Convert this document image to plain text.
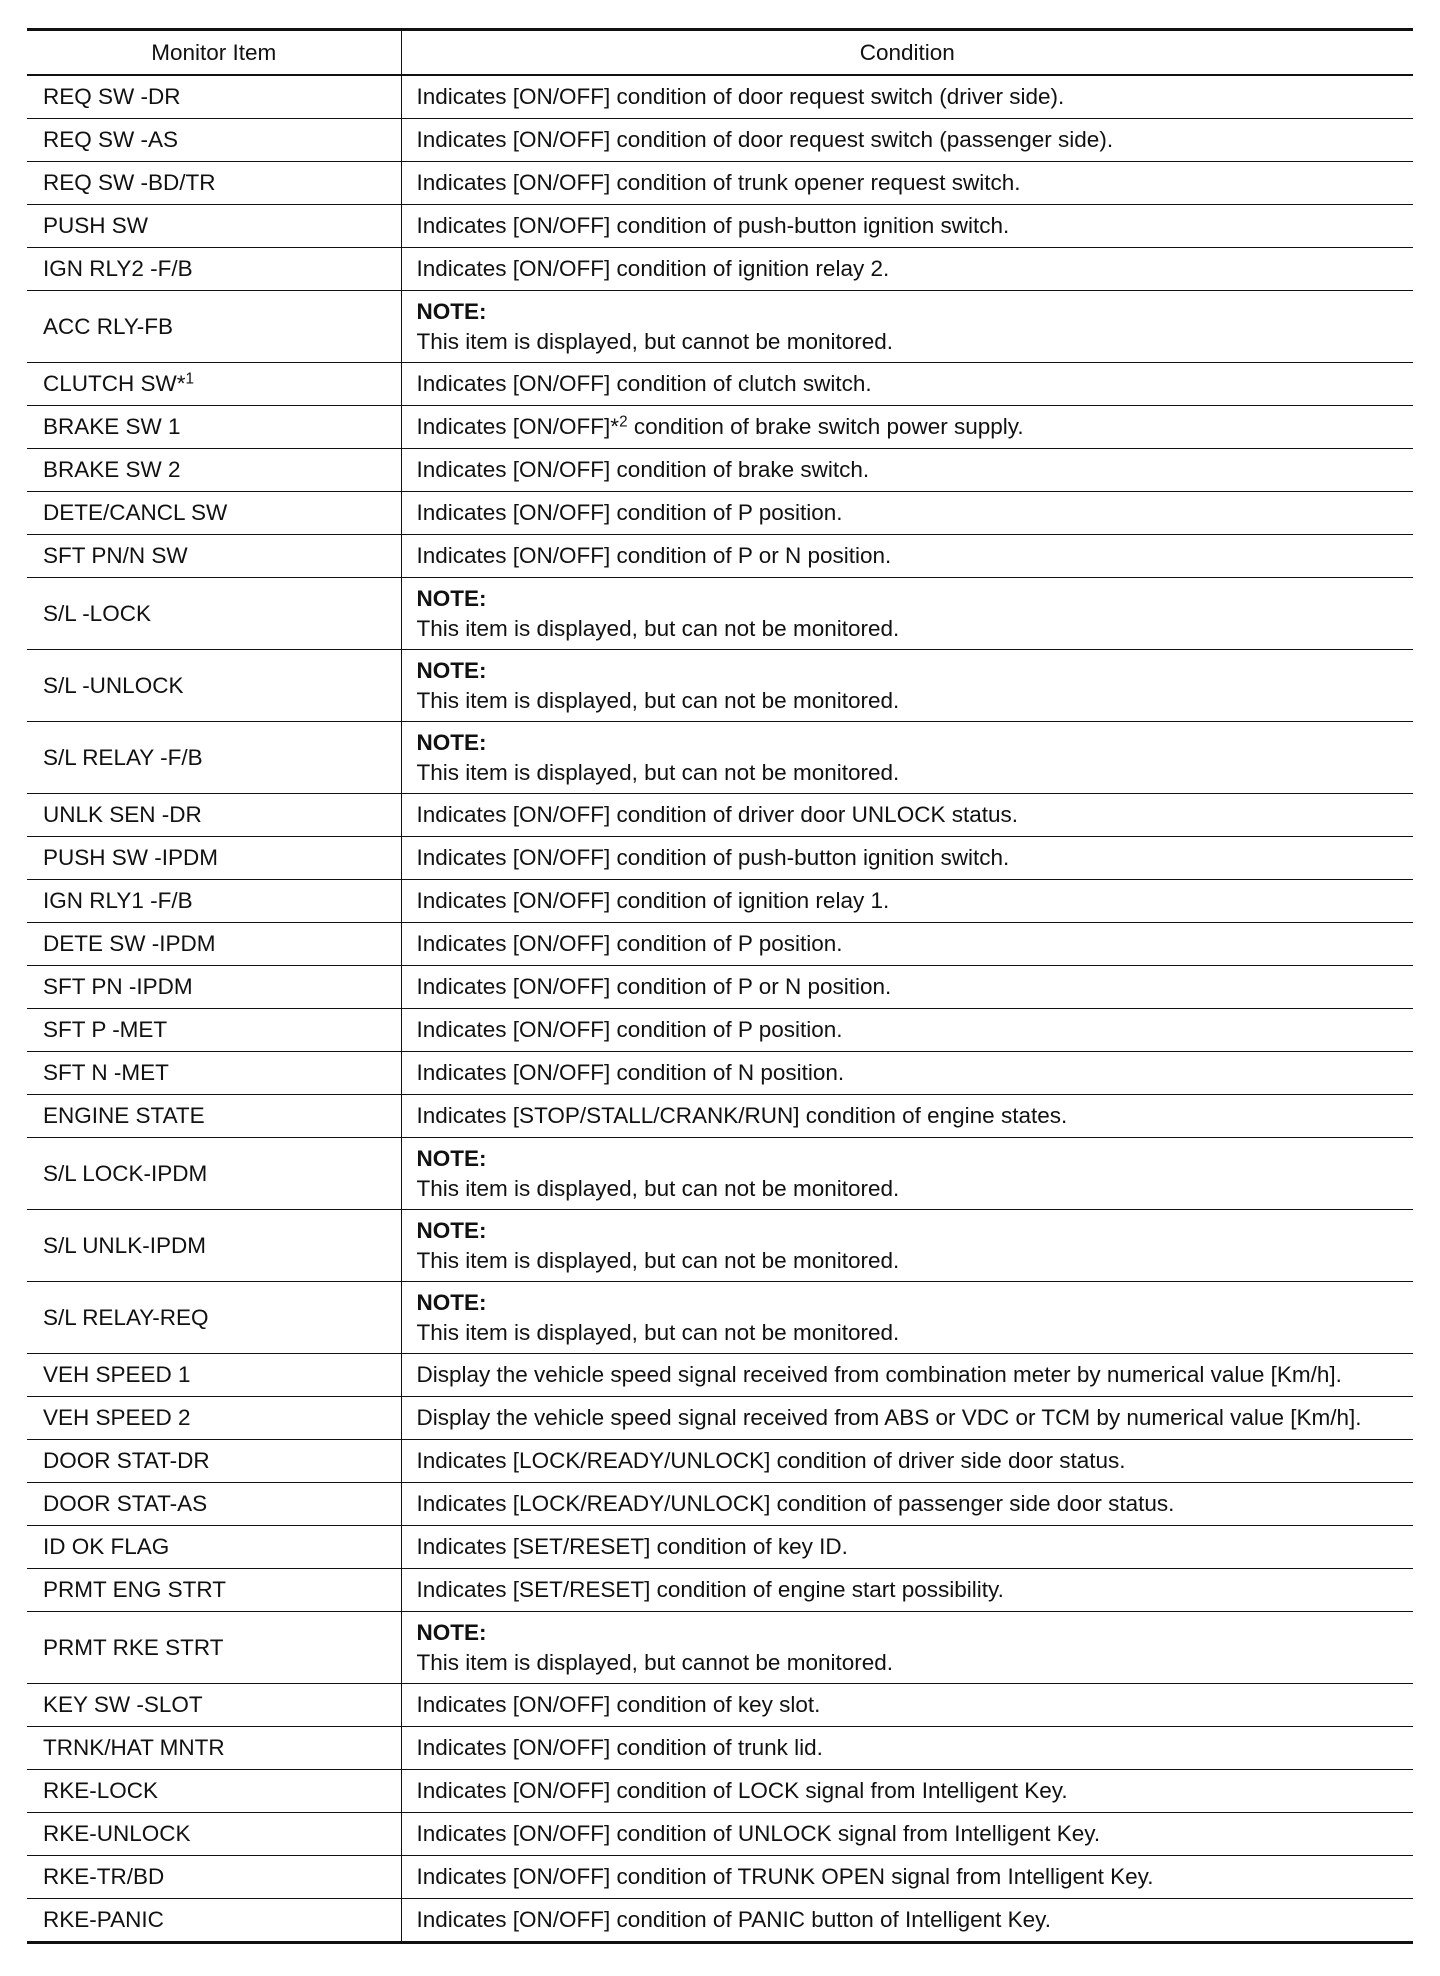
Monitor Item	Condition
REQ SW -DR	Indicates [ON/OFF] condition of door request switch (driver side).
REQ SW -AS	Indicates [ON/OFF] condition of door request switch (passenger side).
REQ SW -BD/TR	Indicates [ON/OFF] condition of trunk opener request switch.
PUSH SW	Indicates [ON/OFF] condition of push-button ignition switch.
IGN RLY2 -F/B	Indicates [ON/OFF] condition of ignition relay 2.
ACC RLY-FB	NOTE:
This item is displayed, but cannot be monitored.

CLUTCH SW*$^1$	Indicates [ON/OFF] condition of clutch switch.
BRAKE SW 1	Indicates [ON/OFF]*$^2$ condition of brake switch power supply.
BRAKE SW 2	Indicates [ON/OFF] condition of brake switch.
DETE/CANCL SW	Indicates [ON/OFF] condition of P position.
SFT PN/N SW	Indicates [ON/OFF] condition of P or N position.
S/L -LOCK	NOTE:
This item is displayed, but can not be monitored.

S/L -UNLOCK	NOTE:
This item is displayed, but can not be monitored.

S/L RELAY -F/B	NOTE:
This item is displayed, but can not be monitored.

UNLK SEN -DR	Indicates [ON/OFF] condition of driver door UNLOCK status.
PUSH SW -IPDM	Indicates [ON/OFF] condition of push-button ignition switch.
IGN RLY1 -F/B	Indicates [ON/OFF] condition of ignition relay 1.
DETE SW -IPDM	Indicates [ON/OFF] condition of P position.
SFT PN -IPDM	Indicates [ON/OFF] condition of P or N position.
SFT P -MET	Indicates [ON/OFF] condition of P position.
SFT N -MET	Indicates [ON/OFF] condition of N position.
ENGINE STATE	Indicates [STOP/STALL/CRANK/RUN] condition of engine states.
S/L LOCK-IPDM	NOTE:
This item is displayed, but can not be monitored.

S/L UNLK-IPDM	NOTE:
This item is displayed, but can not be monitored.

S/L RELAY-REQ	NOTE:
This item is displayed, but can not be monitored.

VEH SPEED 1	Display the vehicle speed signal received from combination meter by numerical value [Km/h].
VEH SPEED 2	Display the vehicle speed signal received from ABS or VDC or TCM by numerical value [Km/h].
DOOR STAT-DR	Indicates [LOCK/READY/UNLOCK] condition of driver side door status.
DOOR STAT-AS	Indicates [LOCK/READY/UNLOCK] condition of passenger side door status.
ID OK FLAG	Indicates [SET/RESET] condition of key ID.
PRMT ENG STRT	Indicates [SET/RESET] condition of engine start possibility.
PRMT RKE STRT	NOTE:
This item is displayed, but cannot be monitored.

KEY SW -SLOT	Indicates [ON/OFF] condition of key slot.
TRNK/HAT MNTR	Indicates [ON/OFF] condition of trunk lid.
RKE-LOCK	Indicates [ON/OFF] condition of LOCK signal from Intelligent Key.
RKE-UNLOCK	Indicates [ON/OFF] condition of UNLOCK signal from Intelligent Key.
RKE-TR/BD	Indicates [ON/OFF] condition of TRUNK OPEN signal from Intelligent Key.
RKE-PANIC	Indicates [ON/OFF] condition of PANIC button of Intelligent Key.
